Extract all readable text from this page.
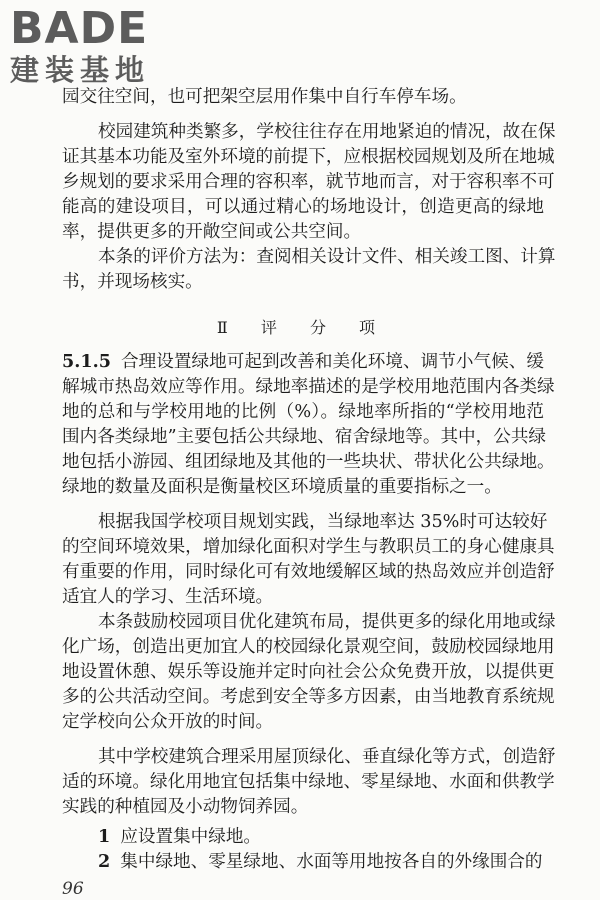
BADE
建装基地
园交往空间，也可把架空层用作集中自行车停车场。
校园建筑种类繁多，学校往往存在用地紧迫的情况，故在保
证其基本功能及室外环境的前提下，应根据校园规划及所在地城
乡规划的要求采用合理的容积率，就节地而言，对于容积率不可
能高的建设项目，可以通过精心的场地设计，创造更高的绿地
率，提供更多的开敞空间或公共空间。
本条的评价方法为：查阅相关设计文件、相关竣工图、计算
书，并现场核实。
Ⅱ 评 分 项
5.1.5 合理设置绿地可起到改善和美化环境、调节小气候、缓
解城市热岛效应等作用。绿地率描述的是学校用地范围内各类绿
地的总和与学校用地的比例（%）。绿地率所指的“学校用地范
围内各类绿地”主要包括公共绿地、宿舍绿地等。其中，公共绿
地包括小游园、组团绿地及其他的一些块状、带状化公共绿地。
绿地的数量及面积是衡量校区环境质量的重要指标之一。
根据我国学校项目规划实践，当绿地率达 35%时可达较好
的空间环境效果，增加绿化面积对学生与教职员工的身心健康具
有重要的作用，同时绿化可有效地缓解区域的热岛效应并创造舒
适宜人的学习、生活环境。
本条鼓励校园项目优化建筑布局，提供更多的绿化用地或绿
化广场，创造出更加宜人的校园绿化景观空间，鼓励校园绿地用
地设置休憩、娱乐等设施并定时向社会公众免费开放，以提供更
多的公共活动空间。考虑到安全等多方因素，由当地教育系统规
定学校向公众开放的时间。
其中学校建筑合理采用屋顶绿化、垂直绿化等方式，创造舒
适的环境。绿化用地宜包括集中绿地、零星绿地、水面和供教学
实践的种植园及小动物饲养园。
1 应设置集中绿地。
2 集中绿地、零星绿地、水面等用地按各自的外缘围合的
96
